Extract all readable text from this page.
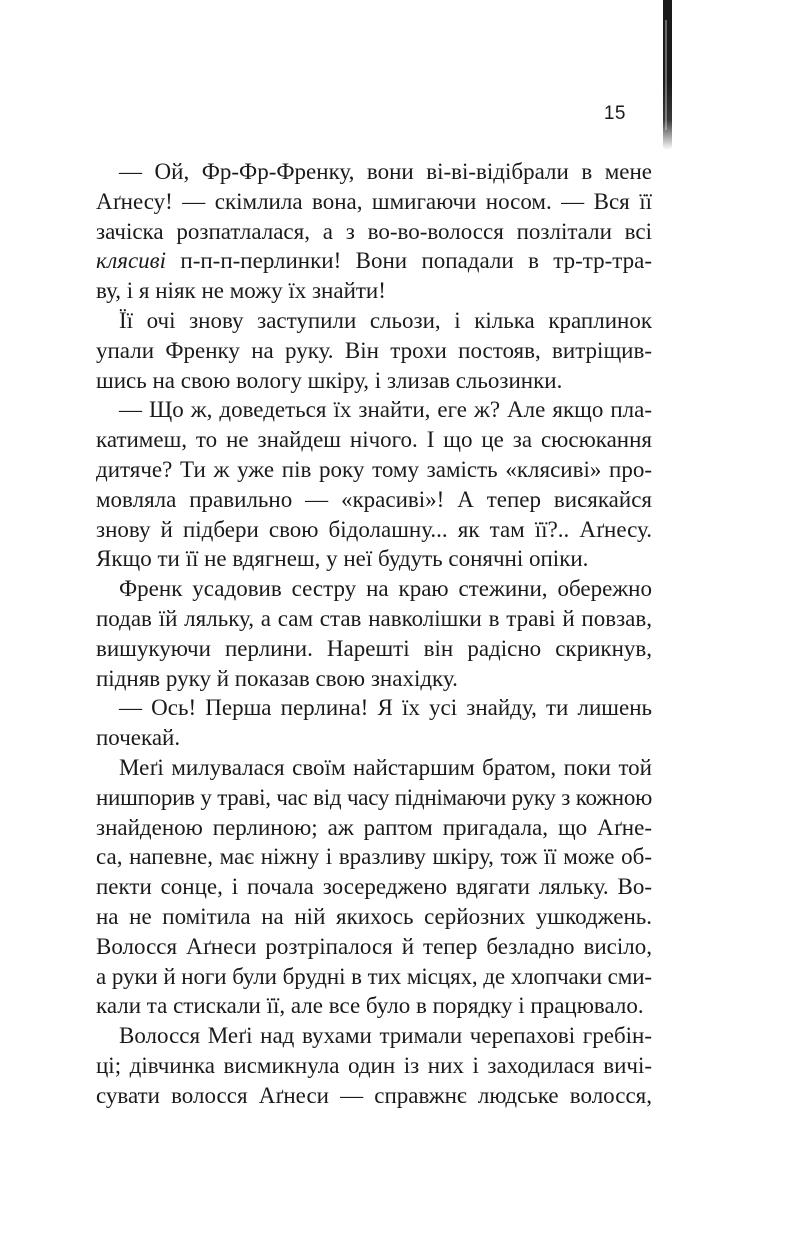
15
— Ой, Фр-Фр-Френку, вони ві-ві-відібрали в мене
Аґнесу! — скімлила вона, шмигаючи носом. — Вся її
зачіска розпатлалася, а з во-во-волосся позлітали всі
клясиві п-п-п-перлинки! Вони попадали в тр-тр-тра-
ву, і я ніяк не можу їх знайти!
Її очі знову заступили сльози, і кілька краплинок
упали Френку на руку. Він трохи постояв, витріщив-
шись на свою вологу шкіру, і злизав сльозинки.
— Що ж, доведеться їх знайти, еге ж? Але якщо пла-
катимеш, то не знайдеш нічого. І що це за сюсюкання
дитяче? Ти ж уже пів року тому замість «клясиві» про-
мовляла правильно — «красиві»! А тепер висякайся
знову й підбери свою бідолашну... як там її?.. Аґнесу.
Якщо ти її не вдягнеш, у неї будуть сонячні опіки.
Френк усадовив сестру на краю стежини, обережно
подав їй ляльку, а сам став навколішки в траві й повзав,
вишукуючи перлини. Нарешті він радісно скрикнув,
підняв руку й показав свою знахідку.
— Ось! Перша перлина! Я їх усі знайду, ти лишень
почекай.
Меґі милувалася своїм найстаршим братом, поки той
нишпорив у траві, час від часу піднімаючи руку з кожною
знайденою перлиною; аж раптом пригадала, що Аґне-
са, напевне, має ніжну і вразливу шкіру, тож її може об-
пекти сонце, і почала зосереджено вдягати ляльку. Во-
на не помітила на ній якихось серйозних ушкоджень.
Волосся Аґнеси розтріпалося й тепер безладно висіло,
а руки й ноги були брудні в тих місцях, де хлопчаки сми-
кали та стискали її, але все було в порядку і працювало.
Волосся Меґі над вухами тримали черепахові гребін-
ці; дівчинка висмикнула один із них і заходилася вичі-
сувати волосся Аґнеси — справжнє людське волосся,
